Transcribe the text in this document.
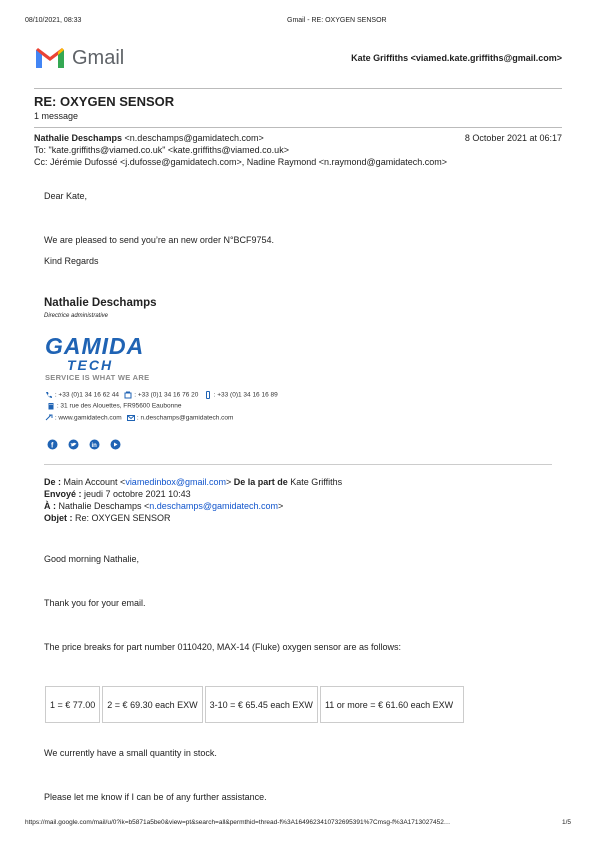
08/10/2021, 08:33	Gmail - RE: OXYGEN SENSOR
Gmail	Kate Griffiths <viamed.kate.griffiths@gmail.com>
RE: OXYGEN SENSOR
1 message
Nathalie Deschamps <n.deschamps@gamidatech.com>	8 October 2021 at 06:17
To: "kate.griffiths@viamed.co.uk" <kate.griffiths@viamed.co.uk>
Cc: Jérémie Dufossé <j.dufosse@gamidatech.com>, Nadine Raymond <n.raymond@gamidatech.com>
Dear Kate,
We are pleased to send you’re an new order N°BCF9754.
Kind Regards
Nathalie Deschamps
Directrice administrative
GAMIDA
TECH
SERVICE IS WHAT WE ARE
: +33 (0)1 34 16 62 44 : +33 (0)1 34 16 76 20 : +33 (0)1 34 16 16 89
: 31 rue des Alouettes, FR95600 Eaubonne
: www.gamidatech.com : n.deschamps@gamidatech.com
f	in
De : Main Account <viamedinbox@gmail.com> De la part de Kate Griffiths
Envoyé : jeudi 7 octobre 2021 10:43
À : Nathalie Deschamps <n.deschamps@gamidatech.com>
Objet : Re: OXYGEN SENSOR
Good morning Nathalie,
Thank you for your email.
The price breaks for part number 0110420, MAX-14 (Fluke) oxygen sensor are as follows:
1 = € 77.00	2 = € 69.30 each EXW	3-10 = € 65.45 each EXW	11 or more = € 61.60 each EXW
We currently have a small quantity in stock.
Please let me know if I can be of any further assistance.
https://mail.google.com/mail/u/0?ik=b5871a5be0&view=pt&search=all&permthid=thread-f%3A1649623410732695391%7Cmsg-f%3A1713027452…	1/5
